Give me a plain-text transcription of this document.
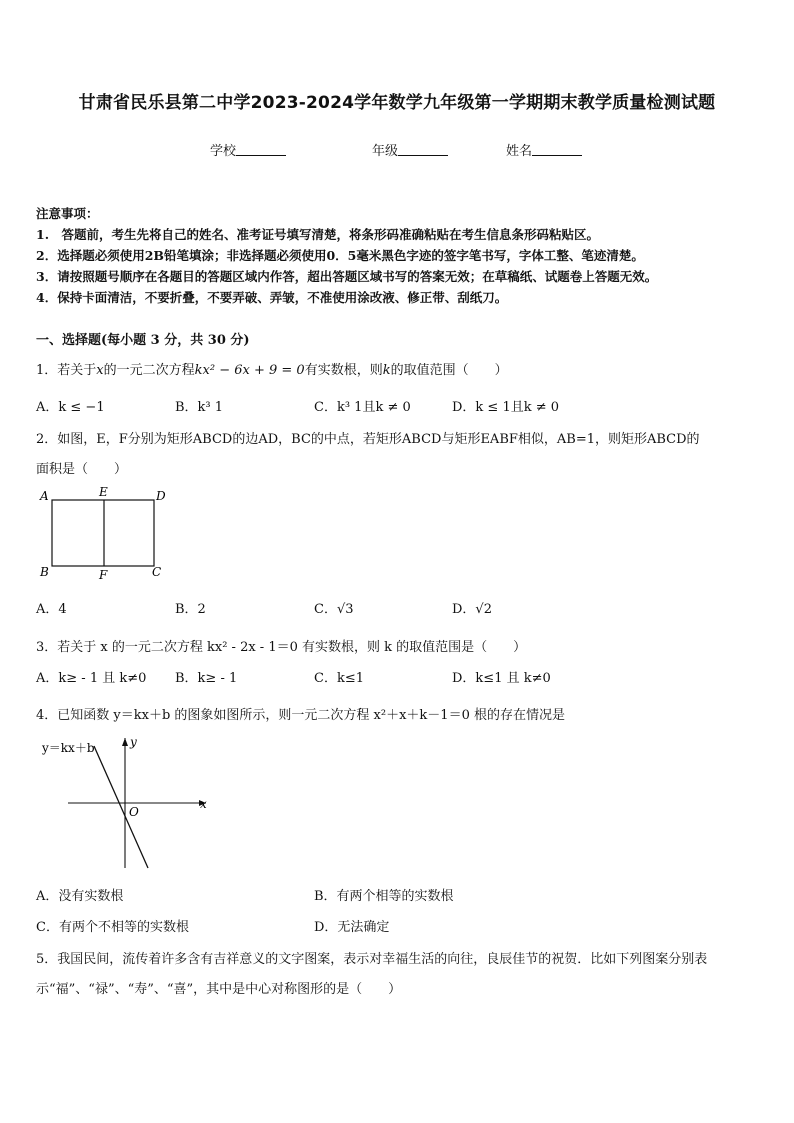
甘肃省民乐县第二中学2023-2024学年数学九年级第一学期期末教学质量检测试题
学校	年级	姓名
注意事项：
1.　答题前，考生先将自己的姓名、准考证号填写清楚，将条形码准确粘贴在考生信息条形码粘贴区。
2．选择题必须使用2B铅笔填涂；非选择题必须使用0．5毫米黑色字迹的签字笔书写，字体工整、笔迹清楚。
3．请按照题号顺序在各题目的答题区域内作答，超出答题区域书写的答案无效；在草稿纸、试题卷上答题无效。
4．保持卡面清洁，不要折叠，不要弄破、弄皱，不准使用涂改液、修正带、刮纸刀。
一、选择题(每小题 3 分，共 30 分)
1．若关于x的一元二次方程kx² − 6x + 9 = 0有实数根，则k的取值范围（　　）
A．k ≤ −1	B．k³ 1	C．k³ 1且k ≠ 0	D．k ≤ 1且k ≠ 0
2．如图，E，F分别为矩形ABCD的边AD，BC的中点，若矩形ABCD与矩形EABF相似，AB=1，则矩形ABCD的
面积是（　　）
A	E	D
B	F	C
A．4	B．2	C．√3	D．√2
3．若关于 x 的一元二次方程 kx² - 2x - 1＝0 有实数根，则 k 的取值范围是（　　）
A．k≥ - 1 且 k≠0 B．k≥ - 1	C．k≤1	D．k≤1 且 k≠0
4．已知函数 y＝kx＋b 的图象如图所示，则一元二次方程 x²＋x＋k－1＝0 根的存在情况是
y＝kx＋b	y
x
O
A．没有实数根	B．有两个相等的实数根
C．有两个不相等的实数根	D．无法确定
5．我国民间，流传着许多含有吉祥意义的文字图案，表示对幸福生活的向往，良辰佳节的祝贺．比如下列图案分别表
示“福”、“禄”、“寿”、“喜”，其中是中心对称图形的是（　　）
